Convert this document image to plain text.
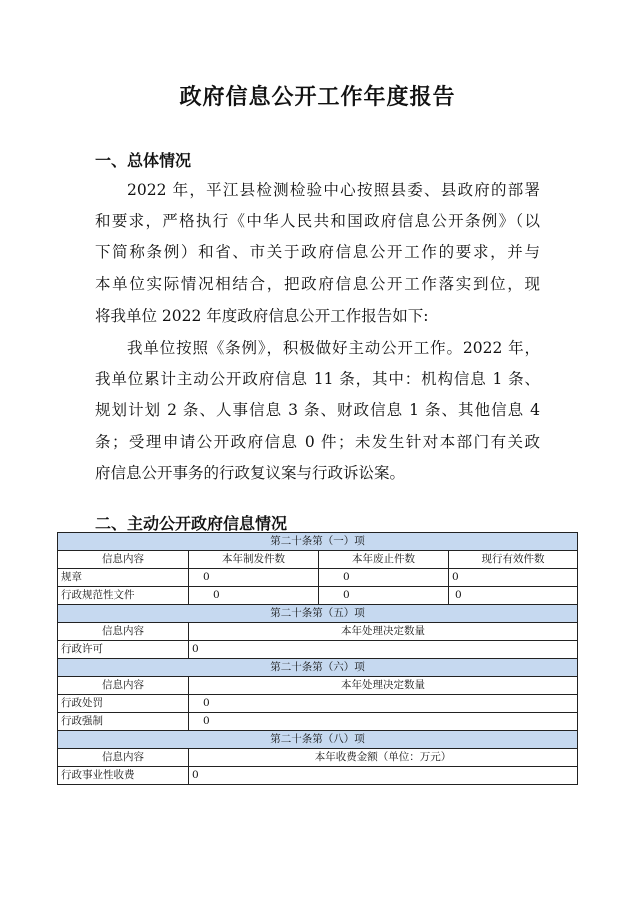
政府信息公开工作年度报告
一、总体情况
2022 年，平江县检测检验中心按照县委、县政府的部署
和要求，严格执行《中华人民共和国政府信息公开条例》（以
下简称条例）和省、市关于政府信息公开工作的要求，并与
本单位实际情况相结合，把政府信息公开工作落实到位，现
将我单位 2022 年度政府信息公开工作报告如下:
我单位按照《条例》，积极做好主动公开工作。2022 年，
我单位累计主动公开政府信息 11 条，其中：机构信息 1 条、
规划计划 2 条、人事信息 3 条、财政信息 1 条、其他信息 4
条；受理申请公开政府信息 0 件；未发生针对本部门有关政
府信息公开事务的行政复议案与行政诉讼案。
二、主动公开政府信息情况
第二十条第（一）项			
信息内容	本年制发件数	本年废止件数	现行有效件数
规章	0	0	0
行政规范性文件	0	0	0
第二十条第（五）项			
信息内容	本年处理决定数量		
行政许可	0		
第二十条第（六）项			
信息内容	本年处理决定数量		
行政处罚	0		
行政强制	0		
第二十条第（八）项			
信息内容	本年收费金额（单位：万元）		
行政事业性收费	0		
